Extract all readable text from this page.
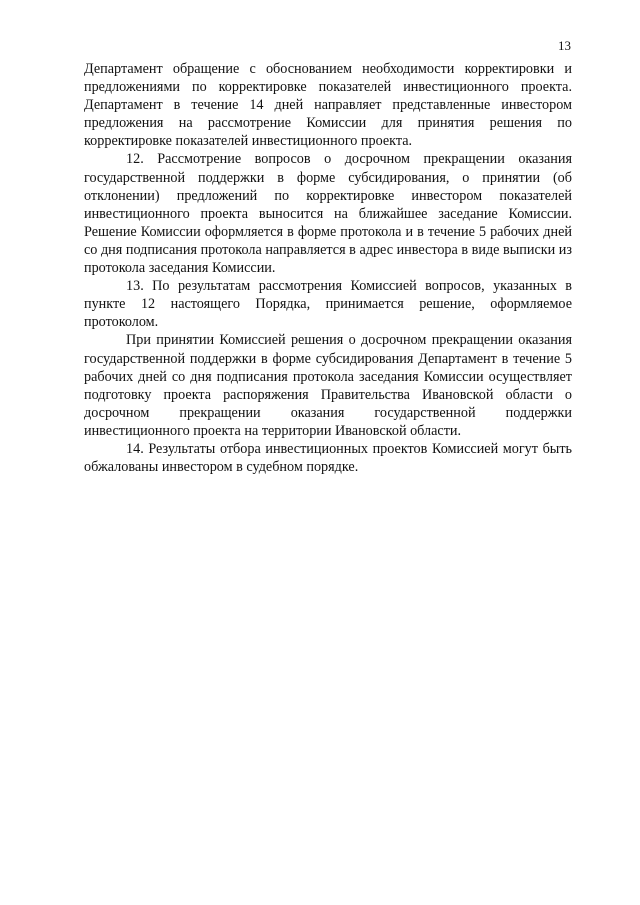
13

Департамент обращение с обоснованием необходимости корректировки и предложениями по корректировке показателей инвестиционного проекта. Департамент в течение 14 дней направляет представленные инвестором предложения на рассмотрение Комиссии для принятия решения по корректировке показателей инвестиционного проекта.

12. Рассмотрение вопросов о досрочном прекращении оказания государственной поддержки в форме субсидирования, о принятии (об отклонении) предложений по корректировке инвестором показателей инвестиционного проекта выносится на ближайшее заседание Комиссии. Решение Комиссии оформляется в форме протокола и в течение 5 рабочих дней со дня подписания протокола направляется в адрес инвестора в виде выписки из протокола заседания Комиссии.

13. По результатам рассмотрения Комиссией вопросов, указанных в пункте 12 настоящего Порядка, принимается решение, оформляемое протоколом.

При принятии Комиссией решения о досрочном прекращении оказания государственной поддержки в форме субсидирования Департамент в течение 5 рабочих дней со дня подписания протокола заседания Комиссии осуществляет подготовку проекта распоряжения Правительства Ивановской области о досрочном прекращении оказания государственной поддержки инвестиционного проекта на территории Ивановской области.

14. Результаты отбора инвестиционных проектов Комиссией могут быть обжалованы инвестором в судебном порядке.
